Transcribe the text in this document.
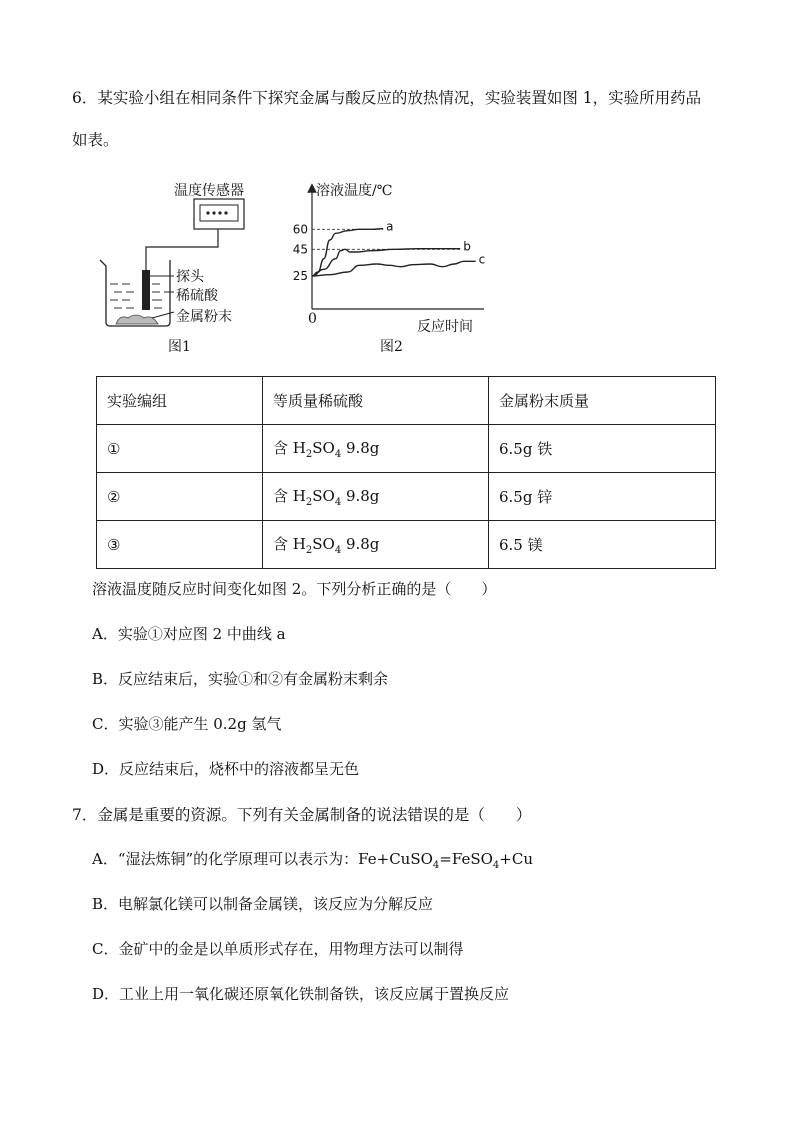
6．某实验小组在相同条件下探究金属与酸反应的放热情况，实验装置如图 1，实验所用药品
如表。
温度传感器
探头
稀硫酸
金属粉末
图1
a
b
c
25
45
60
溶液温度/℃
反应时间
0
图2
实验编组	等质量稀硫酸	金属粉末质量
①	含 $H_2SO_4$ 9.8g	6.5g 铁
②	含 $H_2SO_4$ 9.8g	6.5g 锌
③	含 $H_2SO_4$ 9.8g	6.5 镁
溶液温度随反应时间变化如图 2。下列分析正确的是（　　）
A．实验①对应图 2 中曲线 a
B．反应结束后，实验①和②有金属粉末剩余
C．实验③能产生 0.2g 氢气
D．反应结束后，烧杯中的溶液都呈无色
7．金属是重要的资源。下列有关金属制备的说法错误的是（　　）
A．“湿法炼铜”的化学原理可以表示为：Fe+CuSO$_4$=FeSO$_4$+Cu
B．电解氯化镁可以制备金属镁，该反应为分解反应
C．金矿中的金是以单质形式存在，用物理方法可以制得
D．工业上用一氧化碳还原氧化铁制备铁，该反应属于置换反应
